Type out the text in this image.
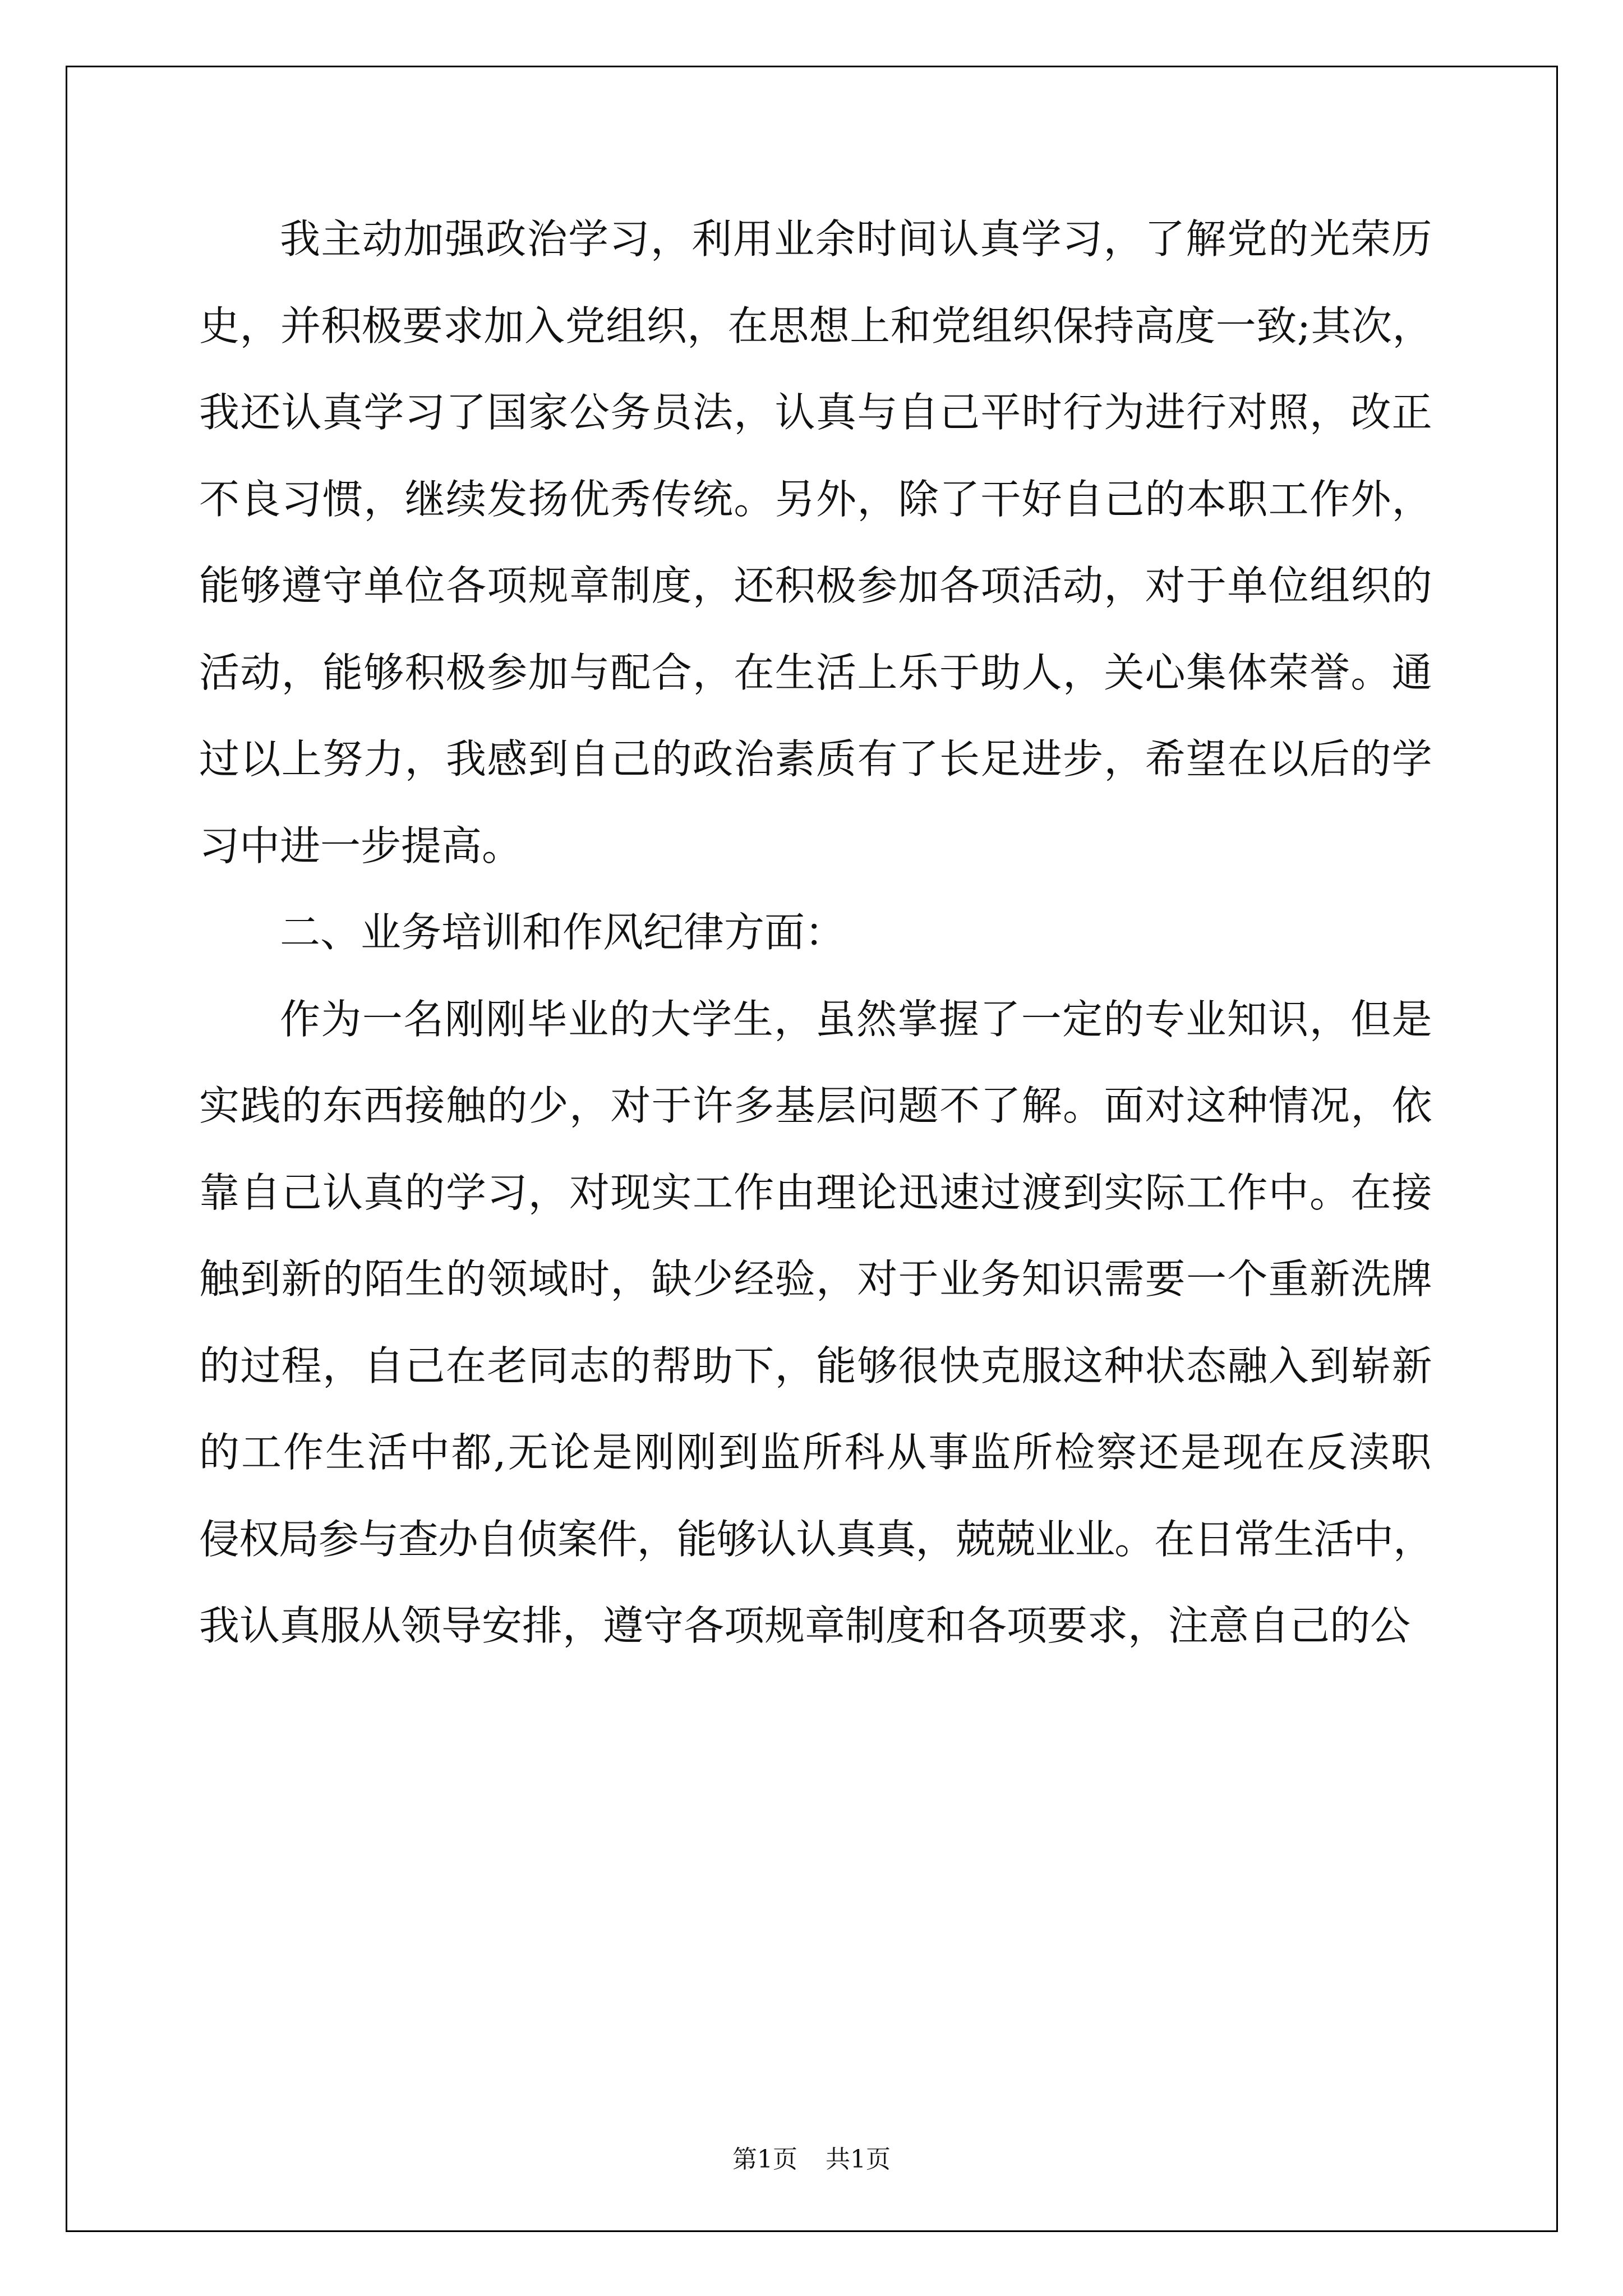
我主动加强政治学习，利用业余时间认真学习，了解党的光荣历
史，并积极要求加入党组织，在思想上和党组织保持高度一致;其次，
我还认真学习了国家公务员法，认真与自己平时行为进行对照，改正
不良习惯，继续发扬优秀传统。另外，除了干好自己的本职工作外，
能够遵守单位各项规章制度，还积极参加各项活动，对于单位组织的
活动，能够积极参加与配合，在生活上乐于助人，关心集体荣誉。通
过以上努力，我感到自己的政治素质有了长足进步，希望在以后的学
习中进一步提高。
二、业务培训和作风纪律方面：
作为一名刚刚毕业的大学生，虽然掌握了一定的专业知识，但是
实践的东西接触的少，对于许多基层问题不了解。面对这种情况，依
靠自己认真的学习，对现实工作由理论迅速过渡到实际工作中。在接
触到新的陌生的领域时，缺少经验，对于业务知识需要一个重新洗牌
的过程，自己在老同志的帮助下，能够很快克服这种状态融入到崭新
的工作生活中都,无论是刚刚到监所科从事监所检察还是现在反渎职
侵权局参与查办自侦案件，能够认认真真，兢兢业业。在日常生活中，
我认真服从领导安排，遵守各项规章制度和各项要求，注意自己的公
第1页 共1页
